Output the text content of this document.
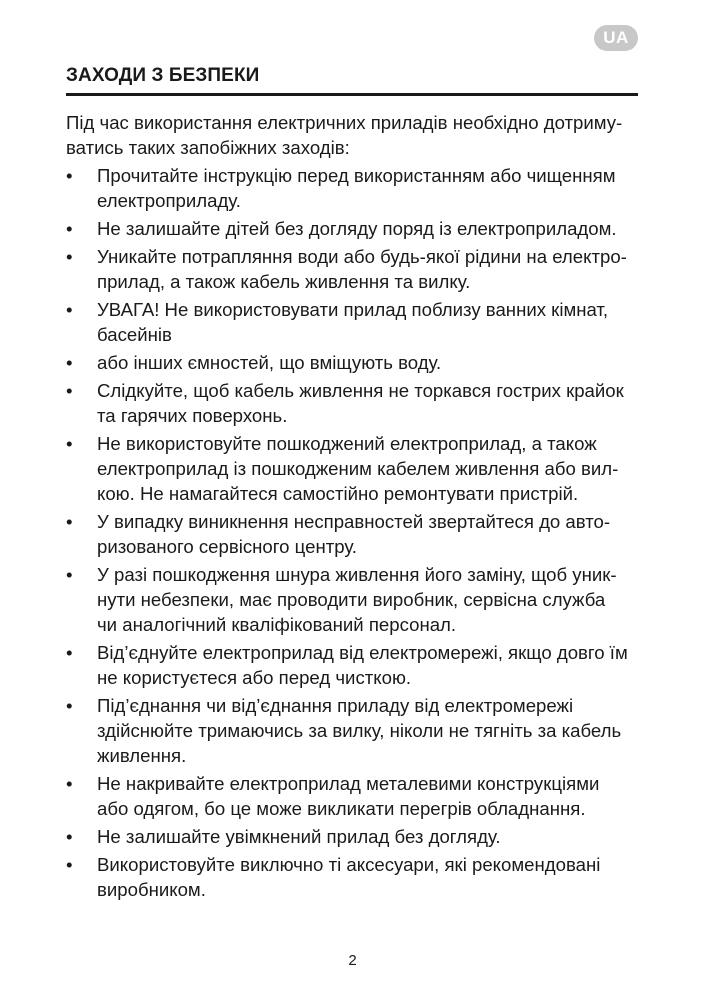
UA
ЗАХОДИ З БЕЗПЕКИ

Під час використання електричних приладів необхідно дотриму-
ватись таких запобіжних заходів:

• Прочитайте інструкцію перед використанням або чищенням
електроприладу.
• Не залишайте дітей без догляду поряд із електроприладом.
• Уникайте потрапляння води або будь-якої рідини на електро-
прилад, а також кабель живлення та вилку.
• УВАГА! Не використовувати прилад поблизу ванних кімнат,
басейнів
• або інших ємностей, що вміщують воду.
• Слідкуйте, щоб кабель живлення не торкався гострих крайок
та гарячих поверхонь.
• Не використовуйте пошкоджений електроприлад, а також
електроприлад із пошкодженим кабелем живлення або вил-
кою. Не намагайтеся самостійно ремонтувати пристрій.
• У випадку виникнення несправностей звертайтеся до авто-
ризованого сервісного центру.
• У разі пошкодження шнура живлення його заміну, щоб уник-
нути небезпеки, має проводити виробник, сервісна служба
чи аналогічний кваліфікований персонал.
• Від’єднуйте електроприлад від електромережі, якщо довго їм
не користуєтеся або перед чисткою.
• Під’єднання чи від’єднання приладу від електромережі
здійснюйте тримаючись за вилку, ніколи не тягніть за кабель
живлення.
• Не накривайте електроприлад металевими конструкціями
або одягом, бо це може викликати перегрів обладнання.
• Не залишайте увімкнений прилад без догляду.
• Використовуйте виключно ті аксесуари, які рекомендовані
виробником.
2
